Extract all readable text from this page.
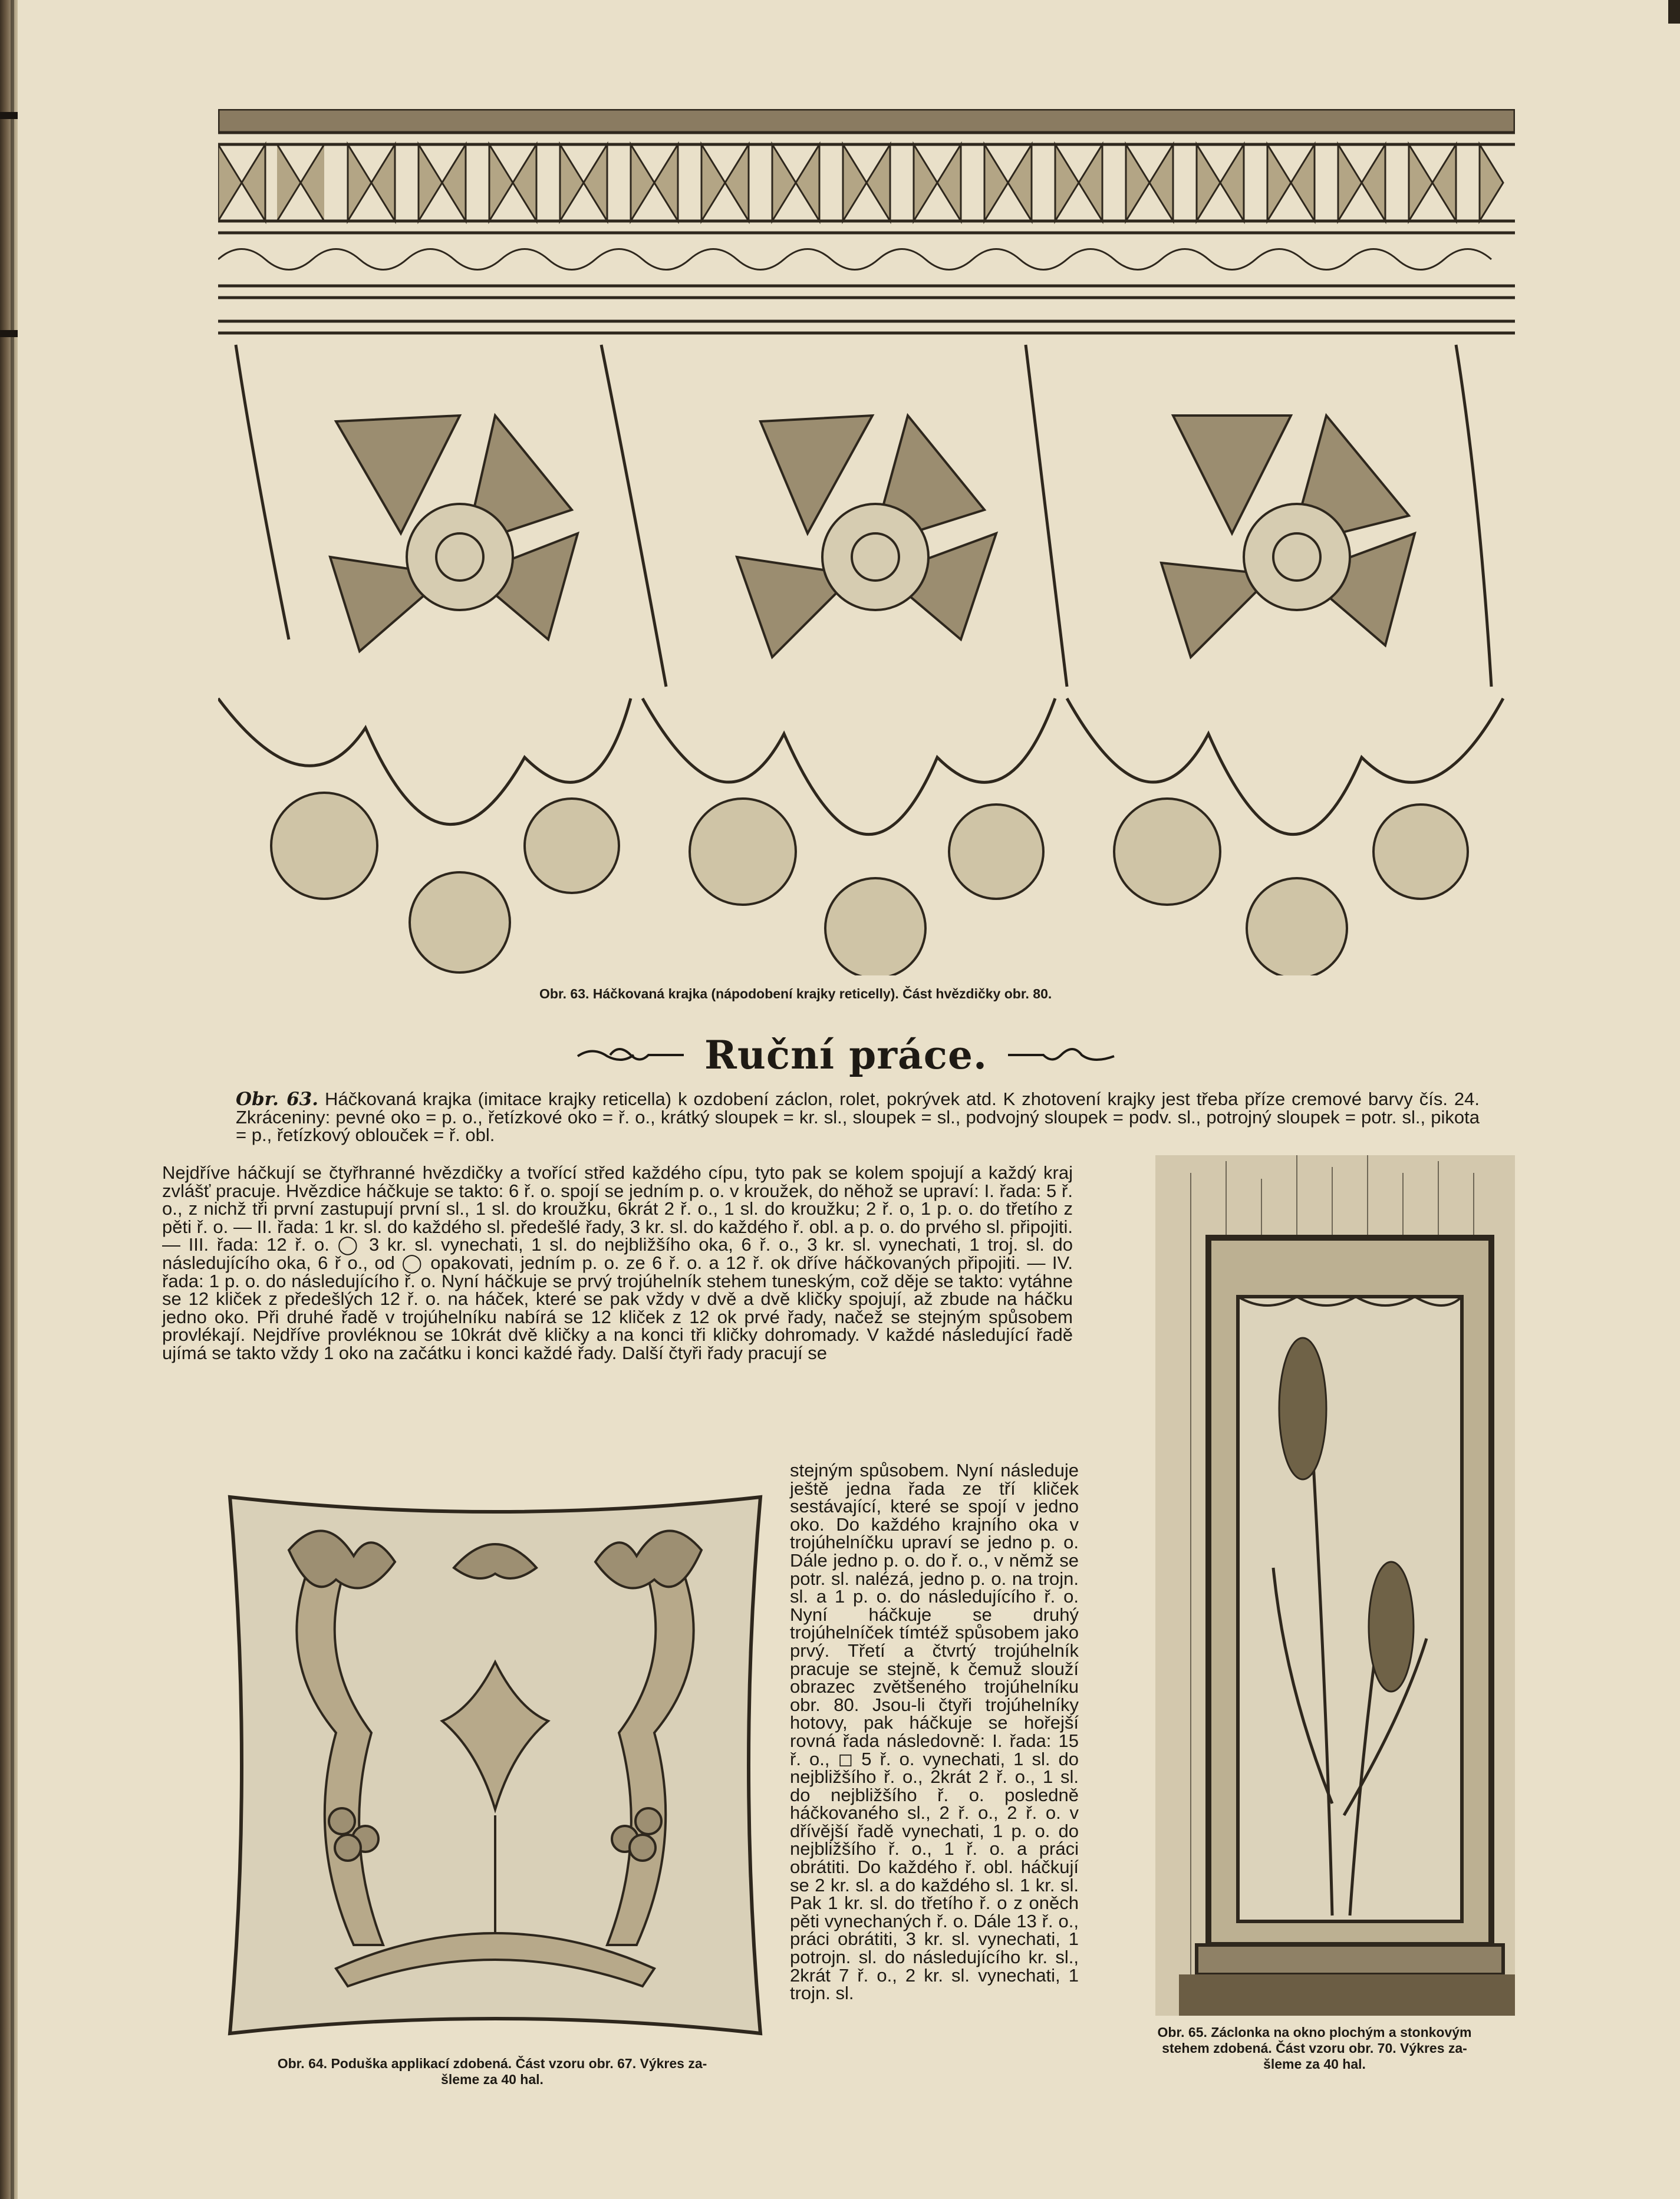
Obr. 63. Háčkovaná krajka (nápodobení krajky reticelly). Část hvězdičky obr. 80.
Ruční práce.

Obr. 63. Háčkovaná krajka (imitace krajky reticella) k ozdobení záclon, rolet, pokrývek atd. K zhotovení krajky jest třeba příze cremové barvy čís. 24. Zkráceniny: pevné oko = p. o., řetízkové oko = ř. o., krátký sloupek = kr. sl., sloupek = sl., podvojný sloupek = podv. sl., potrojný sloupek = potr. sl., pikota = p., řetízkový oblouček = ř. obl.

Nejdříve háčkují se čtyřhranné hvězdičky a tvořící střed každého cípu, tyto pak se kolem spojují a každý kraj zvlášť pracuje. Hvězdice háčkuje se takto: 6 ř. o. spojí se jedním p. o. v kroužek, do něhož se upraví: I. řada: 5 ř. o., z nichž tři první zastupují první sl., 1 sl. do kroužku, 6krát 2 ř. o., 1 sl. do kroužku; 2 ř. o, 1 p. o. do třetího z pěti ř. o. — II. řada: 1 kr. sl. do každého sl. předešlé řady, 3 kr. sl. do každého ř. obl. a p. o. do prvého sl. připojiti. — III. řada: 12 ř. o. ◯ 3 kr. sl. vynechati, 1 sl. do nejbližšího oka, 6 ř. o., 3 kr. sl. vynechati, 1 troj. sl. do následujícího oka, 6 ř o., od ◯ opakovati, jedním p. o. ze 6 ř. o. a 12 ř. ok dříve háčkovaných připojiti. — IV. řada: 1 p. o. do následujícího ř. o. Nyní háčkuje se prvý trojúhelník stehem tuneským, což děje se takto: vytáhne se 12 kliček z předešlých 12 ř. o. na háček, které se pak vždy v dvě a dvě kličky spojují, až zbude na háčku jedno oko. Při druhé řadě v trojúhelníku nabírá se 12 kliček z 12 ok prvé řady, načež se stejným spůsobem provlékají. Nejdříve provléknou se 10krát dvě kličky a na konci tři kličky dohromady. V každé následující řadě ujímá se takto vždy 1 oko na začátku i konci každé řady. Další čtyři řady pracují se

stejným spůsobem. Nyní následuje ještě jedna řada ze tří kliček sestávající, které se spojí v jedno oko. Do každého krajního oka v trojúhelníčku upraví se jedno p. o. Dále jedno p. o. do ř. o., v němž se potr. sl. nalézá, jedno p. o. na trojn. sl. a 1 p. o. do následujícího ř. o. Nyní háčkuje se druhý trojúhelníček tímtéž spůsobem jako prvý. Třetí a čtvrtý trojúhelník pracuje se stejně, k čemuž slouží obrazec zvětšeného trojúhelníku obr. 80. Jsou-li čtyři trojúhelníky hotovy, pak háčkuje se hořejší rovná řada následovně: I. řada: 15 ř. o., ◻ 5 ř. o. vynechati, 1 sl. do nejbližšího ř. o., 2krát 2 ř. o., 1 sl. do nejbližšího ř. o. posledně háčkovaného sl., 2 ř. o., 2 ř. o. v dřívější řadě vynechati, 1 p. o. do nejbližšího ř. o., 1 ř. o. a práci obrátiti. Do každého ř. obl. háčkují se 2 kr. sl. a do každého sl. 1 kr. sl. Pak 1 kr. sl. do třetího ř. o z oněch pěti vynechaných ř. o. Dále 13 ř. o., práci obrátiti, 3 kr. sl. vynechati, 1 potrojn. sl. do následujícího kr. sl., 2krát 7 ř. o., 2 kr. sl. vynechati, 1 trojn. sl.

Obr. 64. Poduška applikací zdobená. Část vzoru obr. 67. Výkres za-
šleme za 40 hal.
Obr. 65. Záclonka na okno plochým a stonkovým
stehem zdobená. Část vzoru obr. 70. Výkres za-
šleme za 40 hal.
